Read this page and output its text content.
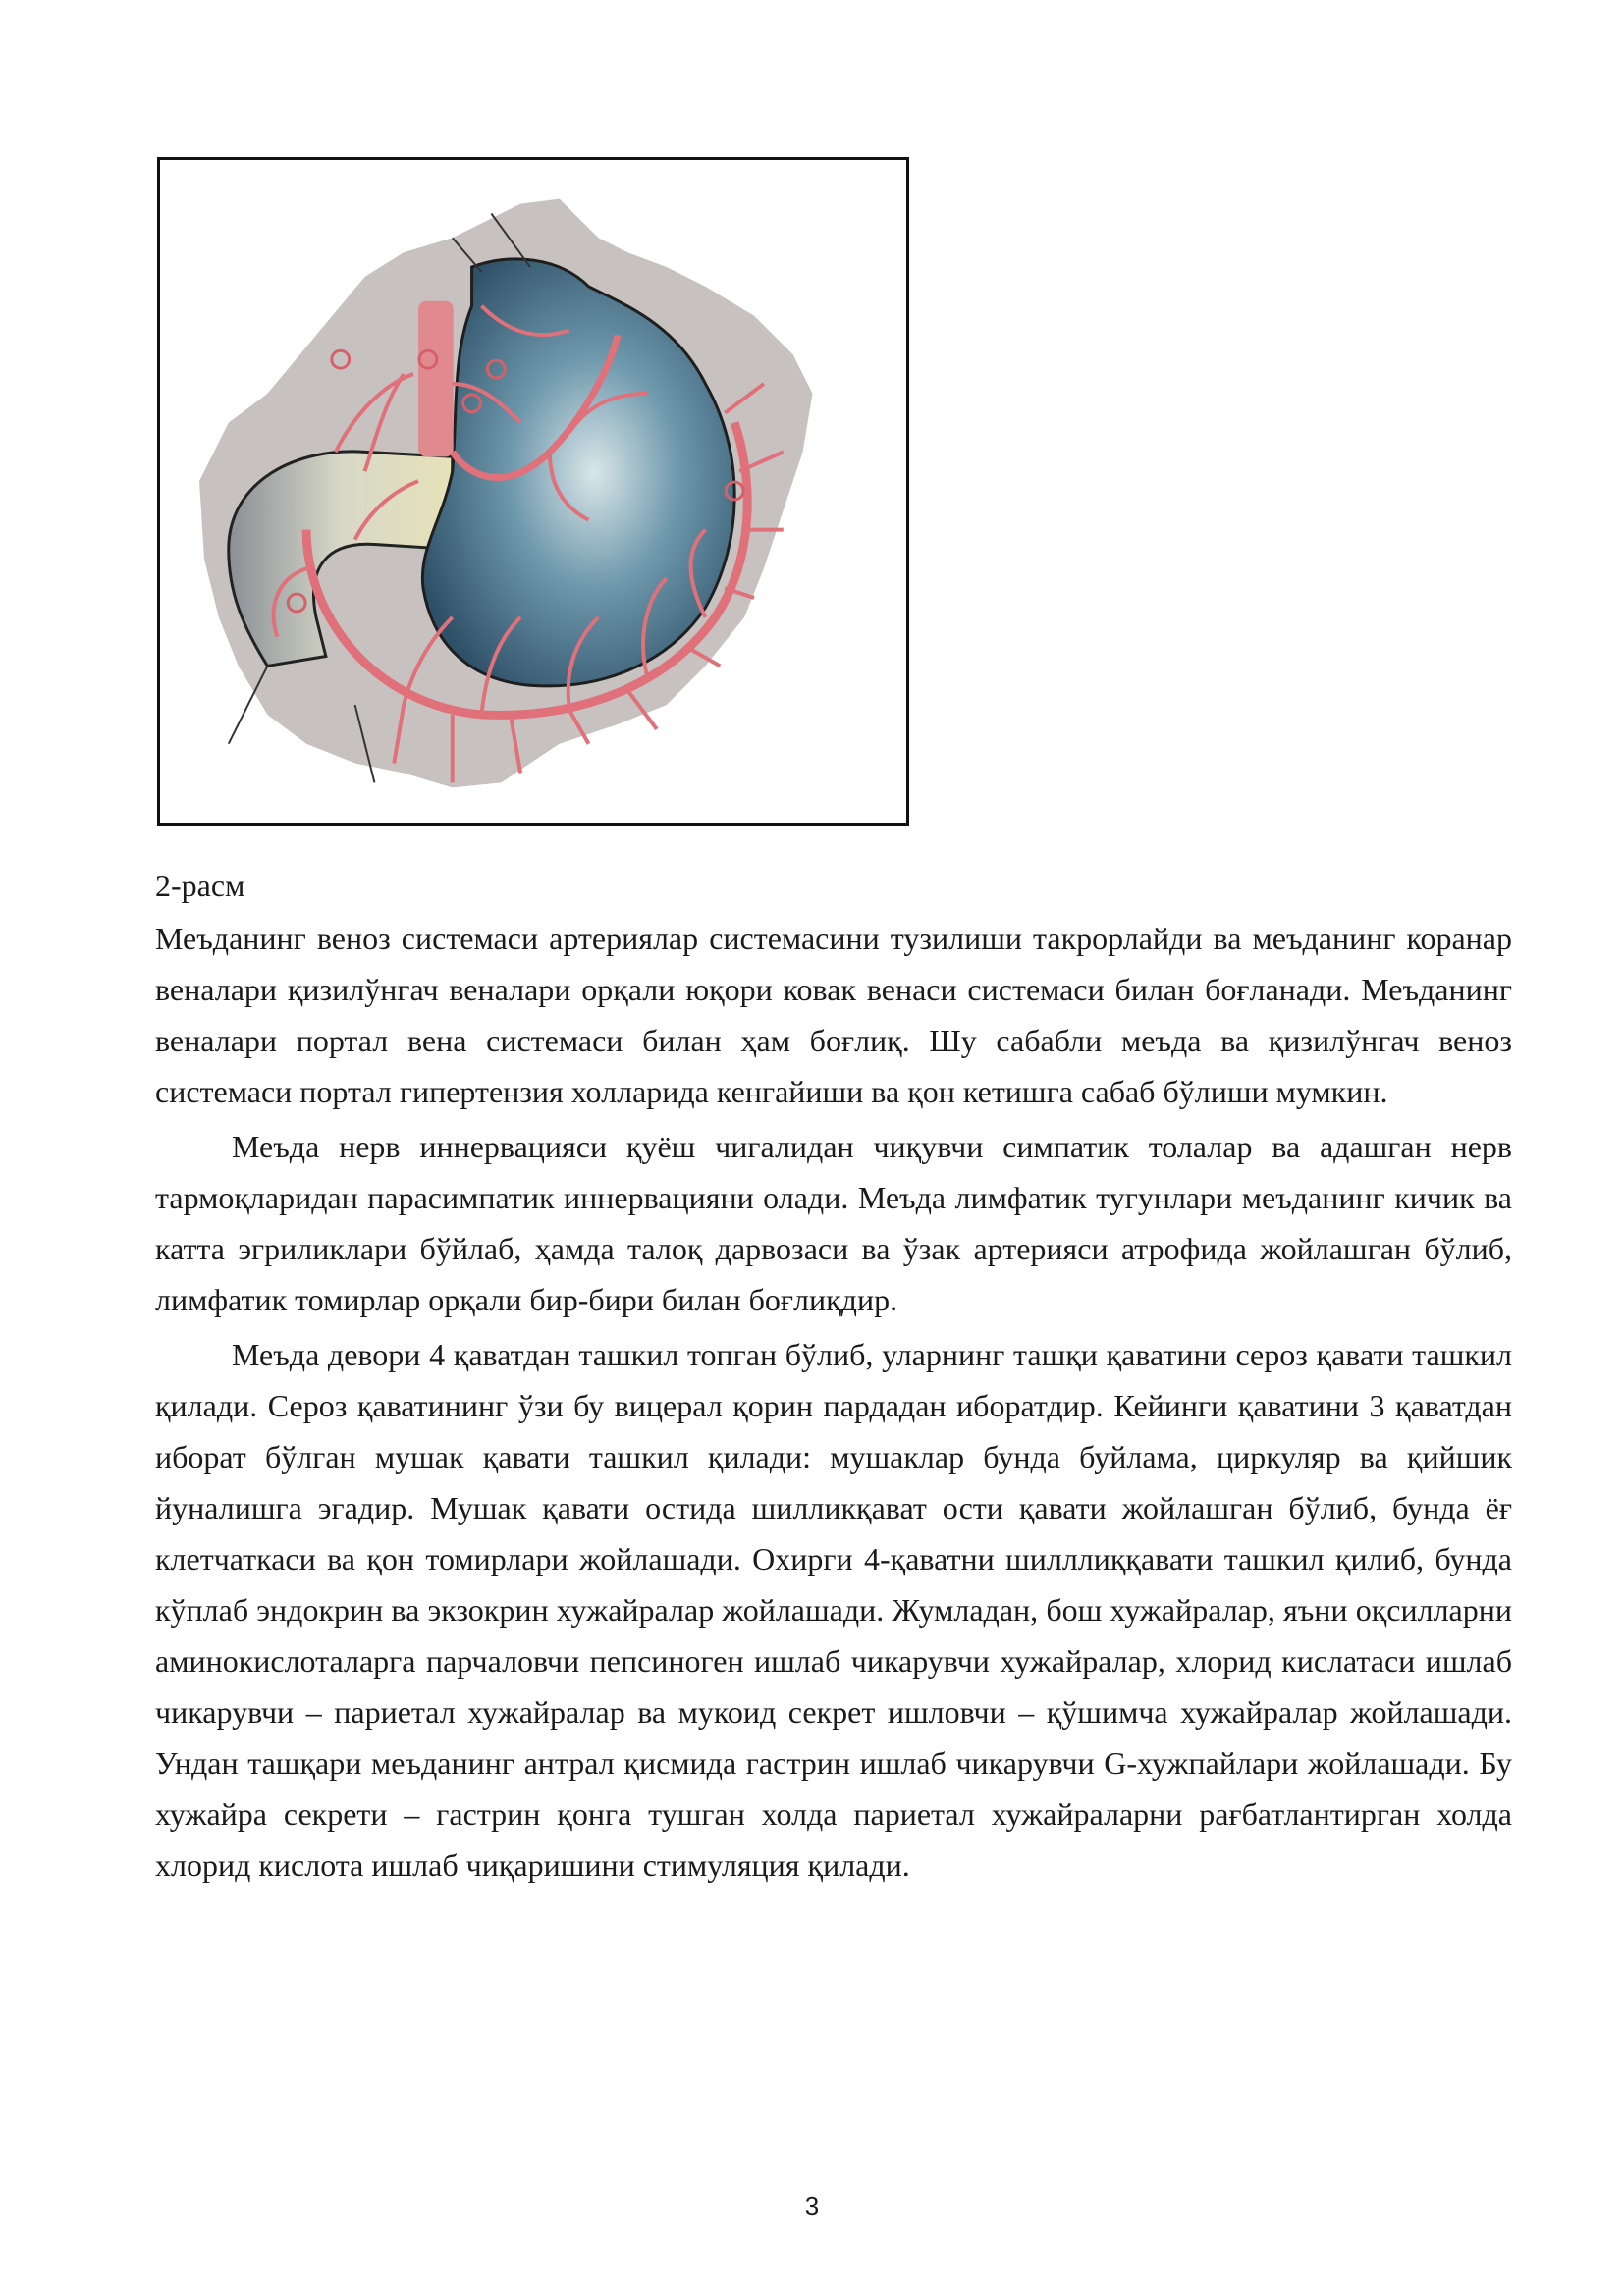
2-расм

Меъданинг веноз системаси артериялар системасини тузилиши такрорлайди ва меъданинг коранар веналари қизилўнгач веналари орқали юқори ковак венаси системаси билан боғланади. Меъданинг веналари портал вена системаси билан ҳам боғлиқ. Шу сабабли меъда ва қизилўнгач веноз системаси портал гипертензия холларида кенгайиши ва қон кетишга сабаб бўлиши мумкин.

Меъда нерв иннервацияси қуёш чигалидан чиқувчи симпатик толалар ва адашган нерв тармоқларидан парасимпатик иннервацияни олади. Меъда лимфатик тугунлари меъданинг кичик ва катта эгриликлари бўйлаб, ҳамда талоқ дарвозаси ва ўзак артерияси атрофида жойлашган бўлиб, лимфатик томирлар орқали бир-бири билан боғлиқдир.

Меъда девори 4 қаватдан ташкил топган бўлиб, уларнинг ташқи қаватини сероз қавати ташкил қилади. Сероз қаватининг ўзи бу вицерал қорин пардадан иборатдир. Кейинги қаватини 3 қаватдан иборат бўлган мушак қавати ташкил қилади: мушаклар бунда буйлама, циркуляр ва қийшик йуналишга эгадир. Мушак қавати остида шилликқават ости қавати жойлашган бўлиб, бунда ёғ клетчаткаси ва қон томирлари жойлашади. Охирги 4-қаватни шилллиққавати ташкил қилиб, бунда кўплаб эндокрин ва экзокрин хужайралар жойлашади. Жумладан, бош хужайралар, яъни оқсилларни аминокислоталарга парчаловчи пепсиноген ишлаб чикарувчи хужайралар, хлорид кислатаси ишлаб чикарувчи – париетал хужайралар ва мукоид секрет ишловчи – қўшимча хужайралар жойлашади. Ундан ташқари меъданинг антрал қисмида гастрин ишлаб чикарувчи G-хужпайлари жойлашади. Бу хужайра секрети – гастрин қонга тушган холда париетал хужайраларни рағбатлантирган холда хлорид кислота ишлаб чиқаришини стимуляция қилади.

3
